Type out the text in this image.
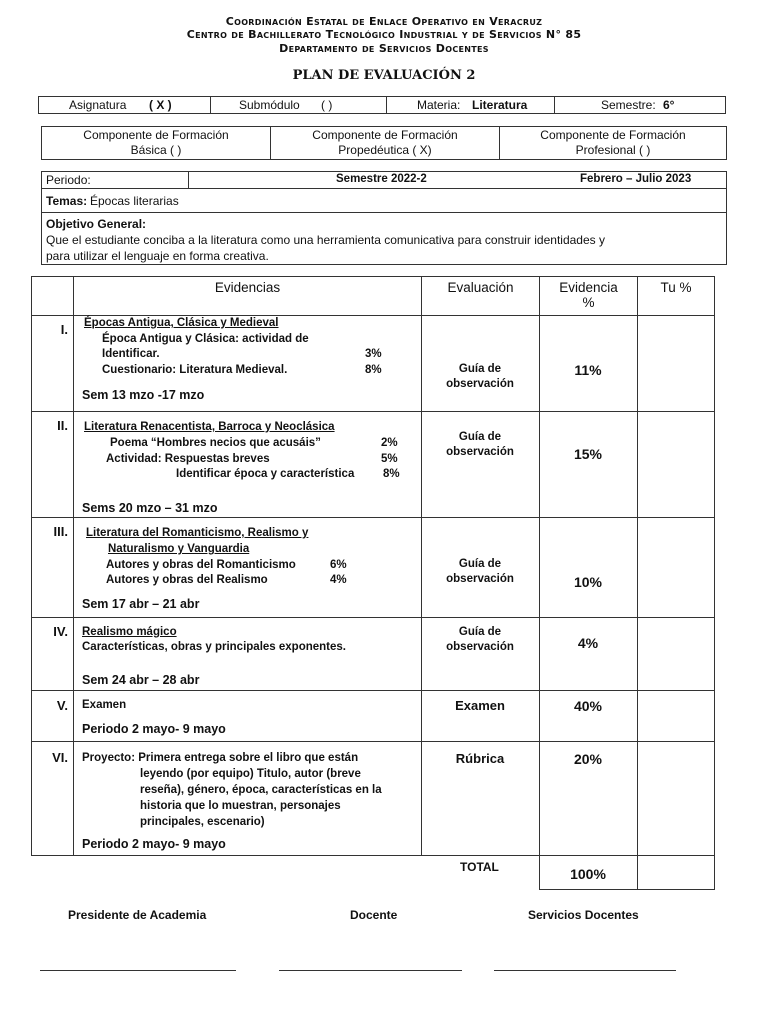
Coordinación Estatal de Enlace Operativo en Veracruz
Centro de Bachillerato Tecnológico Industrial y de Servicios N° 85
Departamento de Servicios Docentes
PLAN DE EVALUACIÓN 2
Asignatura ( X )	Submódulo ( )	Materia: Literatura	Semestre: 6°
Componente de Formación
Básica ( )
Componente de Formación
Propedéutica ( X)
Componente de Formación
Profesional ( )
Periodo:	Semestre 2022-2	Febrero – Julio 2023
Temas: Épocas literarias
Objetivo General:
Que el estudiante conciba a la literatura como una herramienta comunicativa para construir identidades y
para utilizar el lenguaje en forma creativa.
Evidencias	Evaluación	Evidencia
%
Tu %
I. Épocas Antigua, Clásica y Medieval
Época Antigua y Clásica: actividad de
Identificar.	3%
Cuestionario: Literatura Medieval.	8%
Sem 13 mzo -17 mzo
Guía de
observación
11%
II. Literatura Renacentista, Barroca y Neoclásica
Poema “Hombres necios que acusáis”	2%
Actividad: Respuestas breves	5%
Identificar época y característica 8%
Sems 20 mzo – 31 mzo
Guía de
observación	15%
III. Literatura del Romanticismo, Realismo y
Naturalismo y Vanguardia
Autores y obras del Romanticismo	6%
Autores y obras del Realismo	4%
Sem 17 abr – 21 abr
Guía de
observación	10%
IV. Realismo mágico
Características, obras y principales exponentes.
Sem 24 abr – 28 abr
Guía de
observación	4%
V. Examen
Periodo 2 mayo- 9 mayo
Examen	40%
VI. Proyecto: Primera entrega sobre el libro que están
leyendo (por equipo) Titulo, autor (breve
reseña), género, época, características en la
historia que lo muestran, personajes
principales, escenario)
Periodo 2 mayo- 9 mayo
Rúbrica	20%
TOTAL	100%
Presidente de Academia	Docente	Servicios Docentes
